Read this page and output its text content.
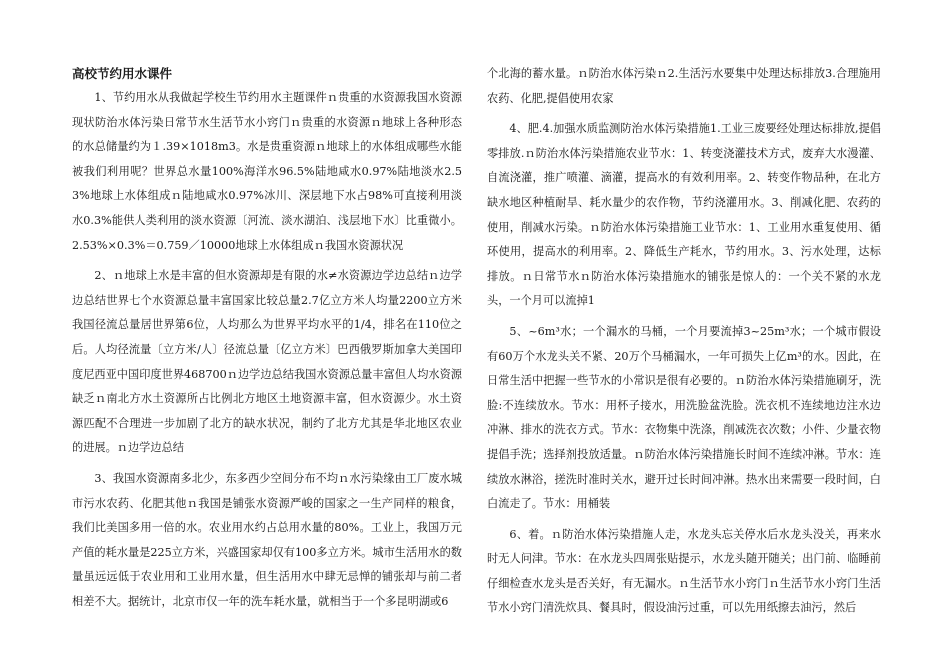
高校节约用水课件

1、节约用水从我做起学校生节约用水主题课件ｎ贵重的水资源我国水资源现状防治水体污染日常节水生活节水小窍门ｎ贵重的水资源ｎ地球上各种形态的水总储量约为１.39×1018m3。水是贵重资源ｎ地球上的水体组成哪些水能被我们利用呢？世界总水量100%海洋水96.5%陆地咸水0.97%陆地淡水2.53%地球上水体组成ｎ陆地咸水0.97%冰川、深层地下水占98%可直接利用淡水0.3%能供人类利用的淡水资源〔河流、淡水湖泊、浅层地下水〕比重微小。2.53%×0.3%＝0.759／10000地球上水体组成ｎ我国水资源状况

2、ｎ地球上水是丰富的但水资源却是有限的水≠水资源边学边总结ｎ边学边总结世界七个水资源总量丰富国家比较总量2.7亿立方米人均量2200立方米我国径流总量居世界第6位，人均那么为世界平均水平的1/4，排名在110位之后。人均径流量〔立方米/人〕径流总量〔亿立方米〕巴西俄罗斯加拿大美国印度尼西亚中国印度世界468700ｎ边学边总结我国水资源总量丰富但人均水资源缺乏ｎ南北方水土资源所占比例北方地区土地资源丰富，但水资源少。水土资源匹配不合理进一步加剧了北方的缺水状况，制约了北方尤其是华北地区农业的进展。ｎ边学边总结

3、我国水资源南多北少，东多西少空间分布不均ｎ水污染缘由工厂废水城市污水农药、化肥其他ｎ我国是铺张水资源严峻的国家之一生产同样的粮食，我们比美国多用一倍的水。农业用水约占总用水量的80%。工业上，我国万元产值的耗水量是225立方米，兴盛国家却仅有100多立方米。城市生活用水的数量虽远远低于农业用和工业用水量，但生活用水中肆无忌惮的铺张却与前二者相差不大。据统计，北京市仅一年的洗车耗水量，就相当于一个多昆明湖或6

个北海的蓄水量。ｎ防治水体污染ｎ2.生活污水要集中处理达标排放3.合理施用农药、化肥,提倡使用农家

4、肥.4.加强水质监测防治水体污染措施1.工业三废要经处理达标排放,提倡零排放.ｎ防治水体污染措施农业节水：1、转变浇灌技术方式，废弃大水漫灌、自流浇灌，推广喷灌、滴灌，提高水的有效利用率。2、转变作物品种，在北方缺水地区种植耐旱、耗水量少的农作物，节约浇灌用水。3、削减化肥、农药的使用，削减水污染。ｎ防治水体污染措施工业节水：1、工业用水重复使用、循环使用，提高水的利用率。2、降低生产耗水，节约用水。3、污水处理，达标排放。ｎ日常节水ｎ防治水体污染措施水的铺张是惊人的：一个关不紧的水龙头，一个月可以流掉1

5、~6m³水；一个漏水的马桶，一个月要流掉3~25m³水；一个城市假设有60万个水龙头关不紧、20万个马桶漏水，一年可损失上亿m³的水。因此，在日常生活中把握一些节水的小常识是很有必要的。ｎ防治水体污染措施刷牙，洗脸:不连续放水。节水：用杯子接水，用洗脸盆洗脸。洗衣机不连续地边注水边冲淋、排水的洗衣方式。节水：衣物集中洗涤，削减洗衣次数；小件、少量衣物提倡手洗；选择剂投放适量。ｎ防治水体污染措施长时间不连续冲淋。节水：连续放水淋浴，搓洗时准时关水，避开过长时间冲淋。热水出来需要一段时间，白白流走了。节水：用桶装

6、着。ｎ防治水体污染措施人走，水龙头忘关停水后水龙头没关，再来水时无人问津。节水：在水龙头四周张贴提示，水龙头随开随关；出门前、临睡前仔细检查水龙头是否关好，有无漏水。ｎ生活节水小窍门ｎ生活节水小窍门生活节水小窍门清洗炊具、餐具时，假设油污过重，可以先用纸擦去油污，然后
